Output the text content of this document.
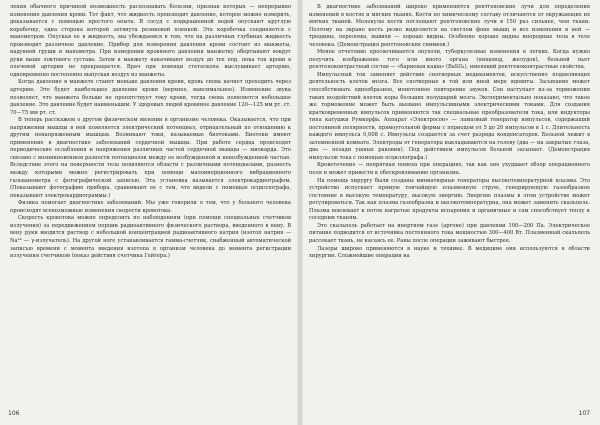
ления обычного причиной возможность распознавать болезни, признак которых — непрерывно изменение давления крови. Тот факт, что жидкость производит давление, которое можно измерить, доказывается с помощью простого опыта. В сосуд с подкрашенной водой опускают круглую коробочку, одна сторона которой затянута резиновой пленкой. Эта коробочка соединяется с манометром. Опуская ее в жидкость, мы убеждаемся в том, что на различных глубинах жидкость производит различное давление. Прибор для измерения давления крови состоит из манжеты, надувной груши и манометра. При измерении кровяного давления манжетку обертывают вокруг руки выше локтевого сустава. Затем в манжету накачивают воздух до тех пор, пока ток крови в плечевой артерии не прекращается. Врач при помощи стетоскопа выслушивает артерию, одновременно постепенно выпуская воздух из манжеты.

Когда давление в манжете станет меньше давления крови, кровь снова начнет проходить через артерию. Это будет наибольшее давление крови (верхнее, максимальное). Изменение звука позволяет, что манжета больше не препятствует току крови, тогда снова появляется небольшое давление. Это давление будет наименьшим. У здоровых людей кровяное давление 120—125 мм рт. ст. 70—75 мм рт. ст.

В теперь расскажем о другом физическом явлении в организме человека. Оказывается, что при напряжении мышцы в ней появляется электрический потенциал, отрицательный по отношению к другим ненапряженным мышцам. Возникают токи, называемые биотоками. Биотоки имеют применение в диагностике заболеваний сердечной мышцы. При работе сердца происходят периодические ослабления и напряжения различных частей сердечной мышцы — миокарда. Это связано с возникновением разности потенциалов между ее возбужденной и невозбужденной частью. Вследствие этого на поверхности тела появляются области с различными потенциалами, разность между которыми можно регистрировать при помощи малоинерционного вибрационного гальванометра с фотографической записью. Эта установка называется электрокардиографом. (Показывают фотографию прибора, сравнивают ее с тем, что видели с помощью осциллографа, показывают электрокардиограммы.)

Физика помогает диагностике заболеваний. Мы уже говорили о том, что у больного человека происходят всевозможные изменения скорости кровотока.

Скорость кровотока можно определить по наблюдениям (при помощи специальных счетчиков излучения) за передвижением порции радиоактивного физического раствора, введенного в вену. В вену руки вводится раствор с небольшой концентрацией радиоактивного натрия (изотоп натрия — Na²⁴ — γ-излучатель). На другой ноге устанавливается гамма-счетчик, снабженный автоматической записью времени с момента введения изотопа в организм человека до момента регистрации излучения счетчиком (показ действия счетчика Гейгера.)

106

В диагностике заболеваний широко применяются рентгеновские лучи для определения изменений в костях и мягких тканях. Кости по химическому составу отличаются от окружающих их мягких тканей. Молекулы кости поглощают рентгеновские лучи в 150 раз сильнее, чем ткани. Поэтому на экране кость резко выделяется на светлом фоне мышц и все изменения в ней — трещины, переломы, вывихи — хорошо видны. Особенно хорошо видны инородные тела в теле человека. (Демонстрация рентгеновских снимков.)

Менее отчетливо просвечиваются опухоли, туберкулезные изменения в легких. Когда нужно получить изображение того или иного органа (пищевод, желудок), больной пьет рентгеноконтрастный состав — «бариевая каша» (BaSO₄), имеющий рентгеноконтрастные свойства.

Импульсный ток заменяет действие снотворных медикаментов, искусственно подавляющих деятельность клеток мозга. Все снотворные в той или иной мере ядовиты. Засыпание может способствовать однообразное, монотонное повторение звуков. Сон наступает из-за торможения таких воздействий клеток коры больших полушарий мозга. Экспериментально показано, что такое же торможение может быть вызвано импульсивными электрическими токами. Для создания кратковременных импульсов применяются так специальные преобразователи тока, или индукторы типа катушки Румкорфа. Аппарат «Электросон» — ламповый генератор импульсов, содержащий постоянной полярности, прямоугольной формы с периодом от 5 до 20 импульсов в 1 с. Длительность каждого импульса 0,008 с. Импульсы создаются за счет разряда конденсаторов. Больной лежит в затемненной комнате. Электроды от генератора накладываются на голову (два — на закрытые глаза, два — позади ушных раковин). Под действием импульсов больной засыпает. (Демонстрация импульсов тока с помощью осциллографа.)

Кроветечение — непрятная помеха при операциях, так как оно ухудшает обзор операционного поля и может привести к обескровливанию организма.

На помощь хирургу были созданы миниатюрные генераторы высокотемпературной плазмы. Это устройство испускает прямую тончайшую плазменную струю, генерирующую газообразное состояние в высокую температуру, высокую энергию. Энергию плазмы в этом устройстве может регулироваться. Так как плазма газообразна и высокотемпературна, она может заменить скальпель. Плазма вовлекает в поток нагретые продукты испарения и органичные и сам способствует теплу к соседним тканям.

Это скальпель работает на инертном газе (аргоне) при давлении 100—200 Па. Электрическое питание подводится от источника постоянного тока мощностью 300—400 Вт. Плазменный скальпель рассекает ткань, не касаясь ее. Раны после операции заживают быстрее.

Лазеры широко применяются в науке и технике. В медицине они используются в области хирургии. Сложнейшие операции на

107
